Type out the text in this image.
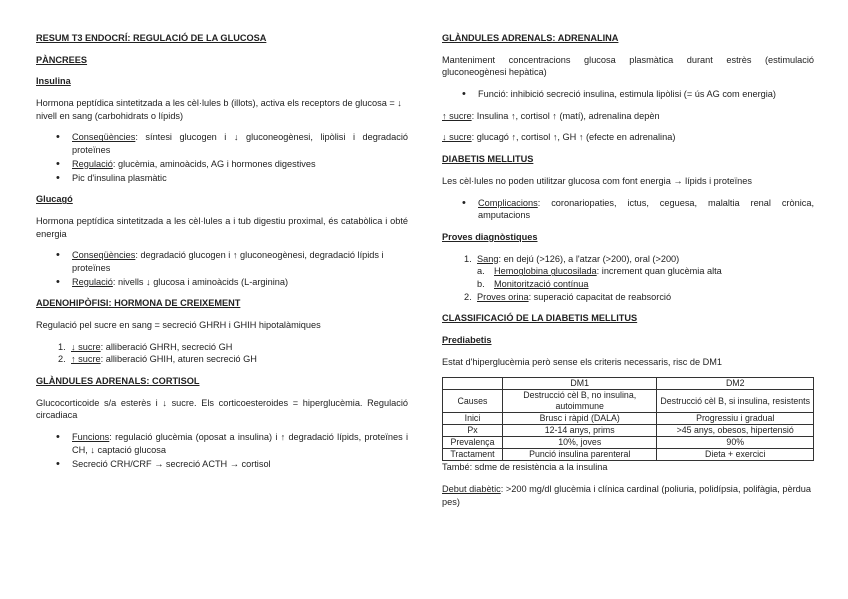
RESUM T3 ENDOCRÍ: REGULACIÓ DE LA GLUCOSA
PÀNCREES
Insulina
Hormona peptídica sintetitzada a les cèl·lules b (illots), activa els receptors de glucosa = ↓ nivell en sang (carbohidrats o lípids)
• Conseqüències: síntesi glucogen i ↓ gluconeogènesi, lipòlisi i degradació proteïnes
• Regulació: glucèmia, aminoàcids, AG i hormones digestives
• Pic d'insulina plasmàtic
Glucagó
Hormona peptídica sintetitzada a les cèl·lules a i tub digestiu proximal, és catabòlica i obté energia
• Conseqüències: degradació glucogen i ↑ gluconeogènesi, degradació lípids i proteïnes
• Regulació: nivells ↓ glucosa i aminoàcids (L-arginina)
ADENOHIPÒFISI: HORMONA DE CREIXEMENT
Regulació pel sucre en sang = secreció GHRH i GHIH hipotalàmiques
1. ↓ sucre: alliberació GHRH, secreció GH
2. ↑ sucre: alliberació GHIH, aturen secreció GH
GLÀNDULES ADRENALS: CORTISOL
Glucocorticoide s/a esterès i ↓ sucre. Els corticoesteroides = hiperglucèmia. Regulació circadiaca
• Funcions: regulació glucèmia (oposat a insulina) i ↑ degradació lípids, proteïnes i CH, ↓ captació glucosa
• Secreció CRH/CRF → secreció ACTH → cortisol
GLÀNDULES ADRENALS: ADRENALINA
Manteniment concentracions glucosa plasmàtica durant estrès (estimulació gluconeogènesi hepàtica)
• Funció: inhibició secreció insulina, estimula lipòlisi (= ús AG com energia)
↑ sucre: Insulina ↑, cortisol ↑ (matí), adrenalina depèn
↓ sucre: glucagó ↑, cortisol ↑, GH ↑ (efecte en adrenalina)
DIABETIS MELLITUS
Les cèl·lules no poden utilitzar glucosa com font energia → lípids i proteïnes
• Complicacions: coronariopaties, ictus, ceguesa, malaltia renal crònica, amputacions
Proves diagnòstiques
1. Sang: en dejú (>126), a l'atzar (>200), oral (>200)
a. Hemoglobina glucosilada: increment quan glucèmia alta
b. Monitorització contínua
2. Proves orina: superació capacitat de reabsorció
CLASSIFICACIÓ DE LA DIABETIS MELLITUS
Prediabetis
Estat d'hiperglucèmia però sense els criteris necessaris, risc de DM1
	DM1	DM2
Causes	Destrucció cèl B, no insulina, autoimmune	Destrucció cèl B, si insulina, resistents
Inici	Brusc i ràpid (DALA)	Progressiu i gradual
Px	12-14 anys, prims	>45 anys, obesos, hipertensió
Prevalença	10%, joves	90%
Tractament	Punció insulina parenteral	Dieta + exercici
També: sdme de resistència a la insulina
Debut diabètic: >200 mg/dl glucèmia i clínica cardinal (poliuria, polidípsia, polifàgia, pèrdua pes)
